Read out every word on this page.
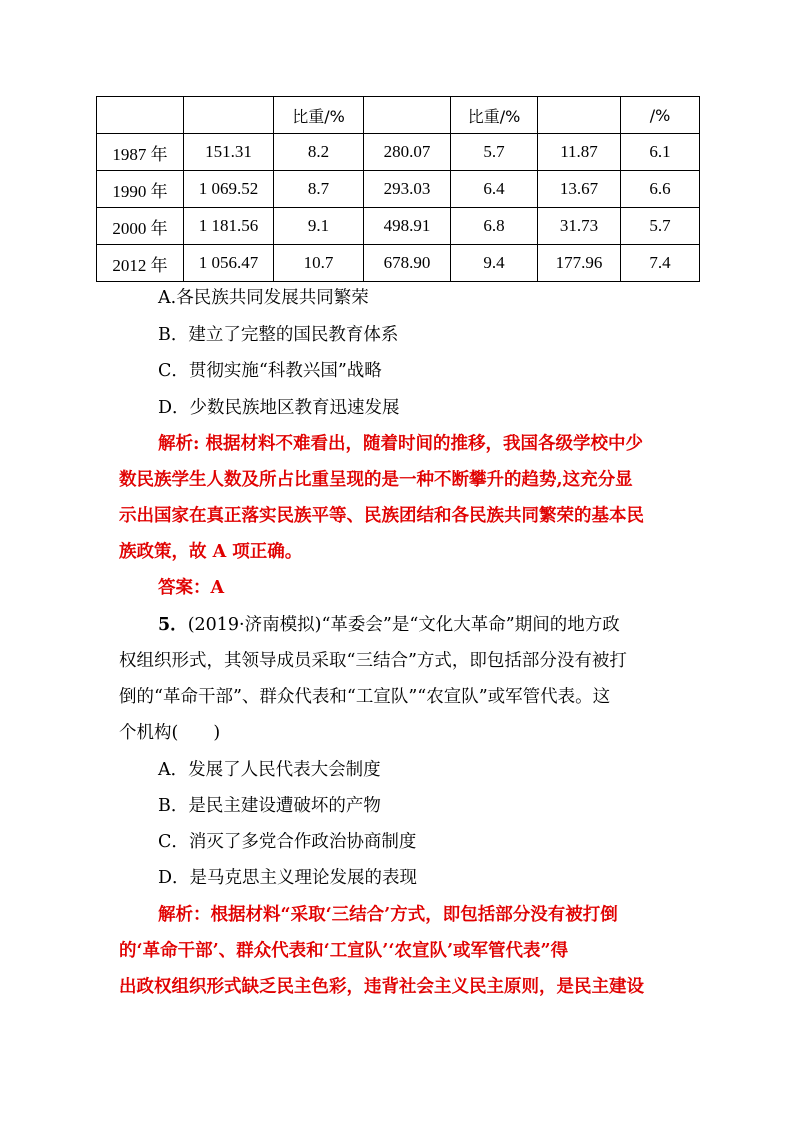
		比重/%		比重/%		/%
1987 年	151.31	8.2	280.07	5.7	11.87	6.1
1990 年	1 069.52	8.7	293.03	6.4	13.67	6.6
2000 年	1 181.56	9.1	498.91	6.8	31.73	5.7
2012 年	1 056.47	10.7	678.90	9.4	177.96	7.4
A.各民族共同发展共同繁荣
B．建立了完整的国民教育体系
C．贯彻实施“科教兴国”战略
D．少数民族地区教育迅速发展
解析: 根据材料不难看出，随着时间的推移，我国各级学校中少
数民族学生人数及所占比重呈现的是一种不断攀升的趋势,这充分显
示出国家在真正落实民族平等、民族团结和各民族共同繁荣的基本民
族政策，故 A 项正确。
答案：A
5．(2019·济南模拟)“革委会”是“文化大革命”期间的地方政
权组织形式，其领导成员采取“三结合”方式，即包括部分没有被打
倒的“革命干部”、群众代表和“工宣队”“农宣队”或军管代表。这
个机构(　　)
A．发展了人民代表大会制度
B．是民主建设遭破坏的产物
C．消灭了多党合作政治协商制度
D．是马克思主义理论发展的表现
解析：根据材料“采取‘三结合’方式，即包括部分没有被打倒
的‘革命干部’、群众代表和‘工宣队’‘农宣队’或军管代表”得
出政权组织形式缺乏民主色彩，违背社会主义民主原则，是民主建设
